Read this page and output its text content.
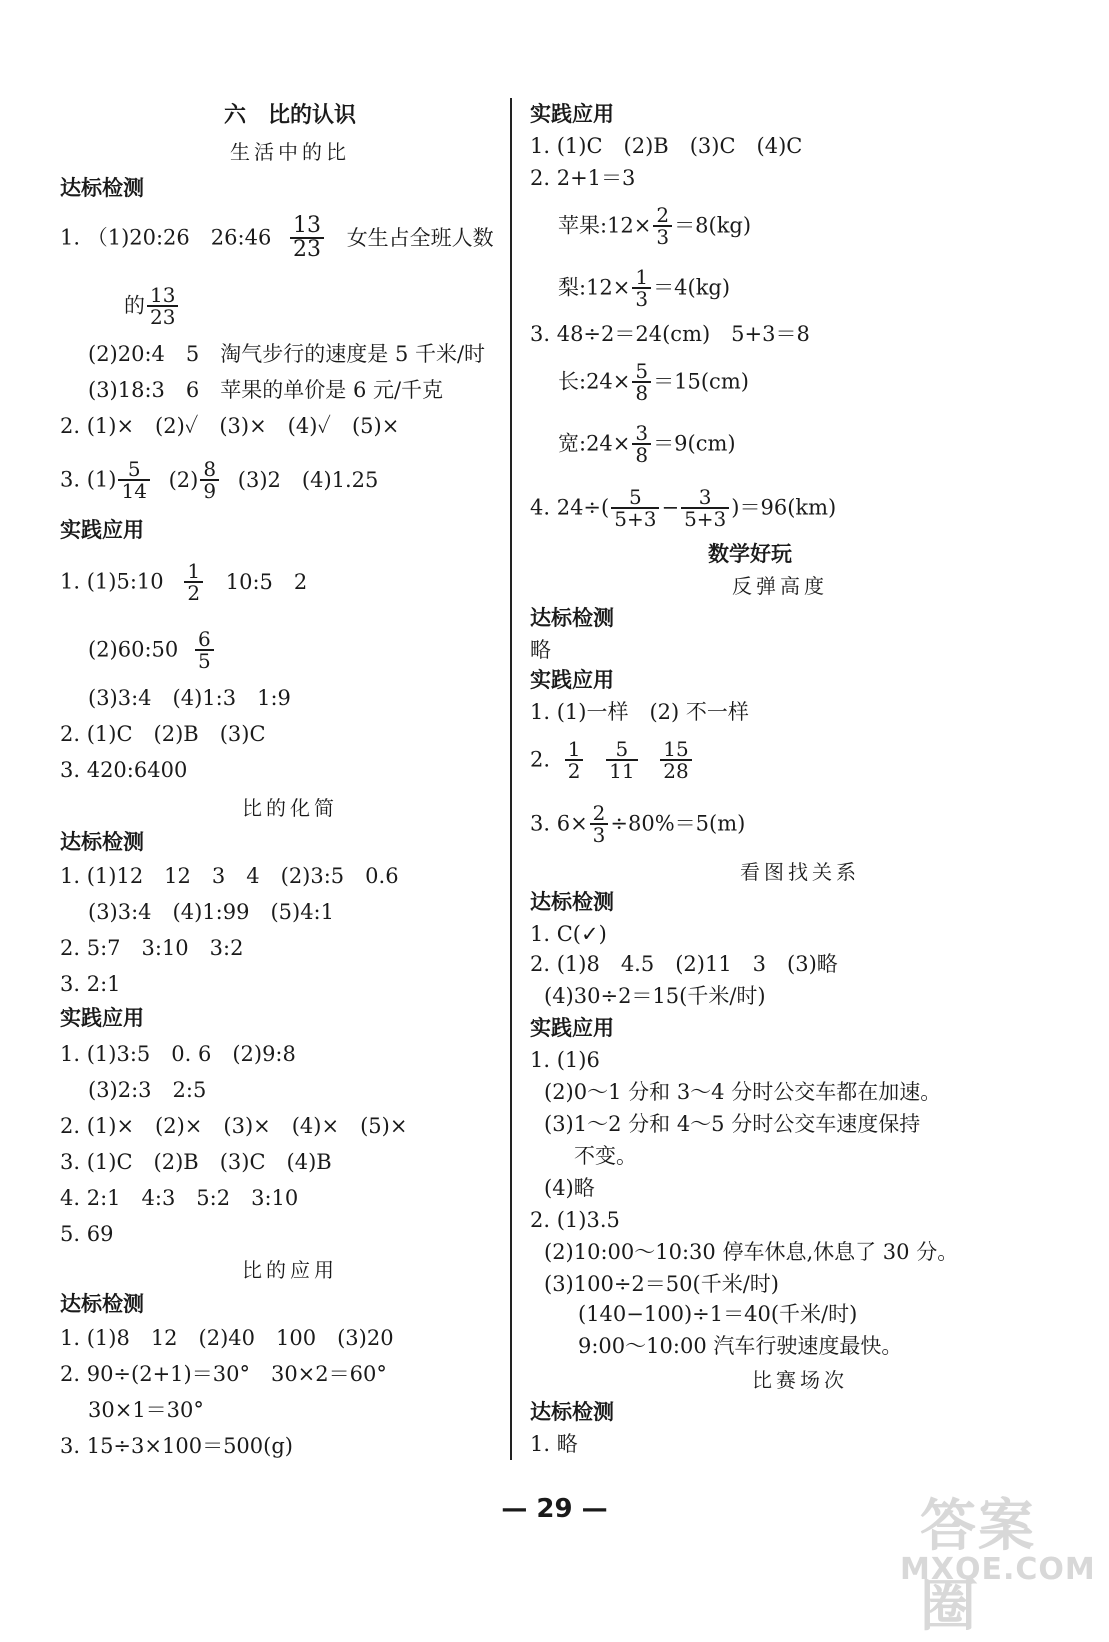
六　比的认识
生活中的比
达标检测
1. （1)20:26　26:46 $\frac{13}{23}$ 女生占全班人数
的 $\frac{13}{23}$
(2)20:4　5　淘气步行的速度是 5 千米/时
(3)18:3　6　苹果的单价是 6 元/千克
2. (1)×　(2)✓　(3)×　(4)✓　(5)×
3. $(1) \frac{5}{14} (2) \frac{8}{9} (3)2$　(4)1.25
实践应用
1. (1)5:10 $\frac{1}{2}$ 10:5　2
(2)60:50 $\frac{6}{5}$
(3)3:4　(4)1:3　1:9
2. (1)C　(2)B　(3)C
3. 420:6400
比的化简
达标检测
1. (1)12　12　3　4　(2)3:5　0.6
(3)3:4　(4)1:99　(5)4:1
2. 5:7　3:10　3:2
3. 2:1
实践应用
1. (1)3:5　0. 6　(2)9:8
(3)2:3　2:5
2. (1)×　(2)×　(3)×　(4)×　(5)×
3. (1)C　(2)B　(3)C　(4)B
4. 2:1　4:3　5:2　3:10
5. 69
比的应用
达标检测
1. (1)8　12　(2)40　100　(3)20
2. 90÷(2+1)＝30°　30×2＝60°
30×1＝30°
3. 15÷3×100＝500(g)
实践应用
1. (1)C　(2)B　(3)C　(4)C
2. 2+1＝3
苹果:12× $\frac{2}{3} =8(kg)$
梨:12× $\frac{1}{3} =4(kg)$
3. 48÷2＝24(cm)　5+3＝8
长:24× $\frac{5}{8} =15(cm)$
宽:24× $\frac{3}{8} =9(cm)$
4. $24\div( \frac{5}{5+3} - \frac{3}{5+3} )=96(km)$
数学好玩
反弹高度
达标检测
略
实践应用
1. (1)一样　(2) 不一样
2. $\frac{1}{2}$
$\frac{5}{11}$
$\frac{15}{28}$
3. $6\times \frac{2}{3} \div 80\%=5(m)$
看图找关系
达标检测
1. C(✓)
2. (1)8　4.5　(2)11　3　(3)略
(4)30÷2＝15(千米/时)
实践应用
1. (1)6
(2)0～1 分和 3～4 分时公交车都在加速。
(3)1～2 分和 4～5 分时公交车速度保持
不变。
(4)略
2. (1)3.5
(2)10:00～10:30 停车休息,休息了 30 分。
(3)100÷2＝50(千米/时)
(140−100)÷1＝40(千米/时)
9:00～10:00 汽车行驶速度最快。
比赛场次
达标检测
1. 略
— 29 —	答案圈
MXQE.COM
